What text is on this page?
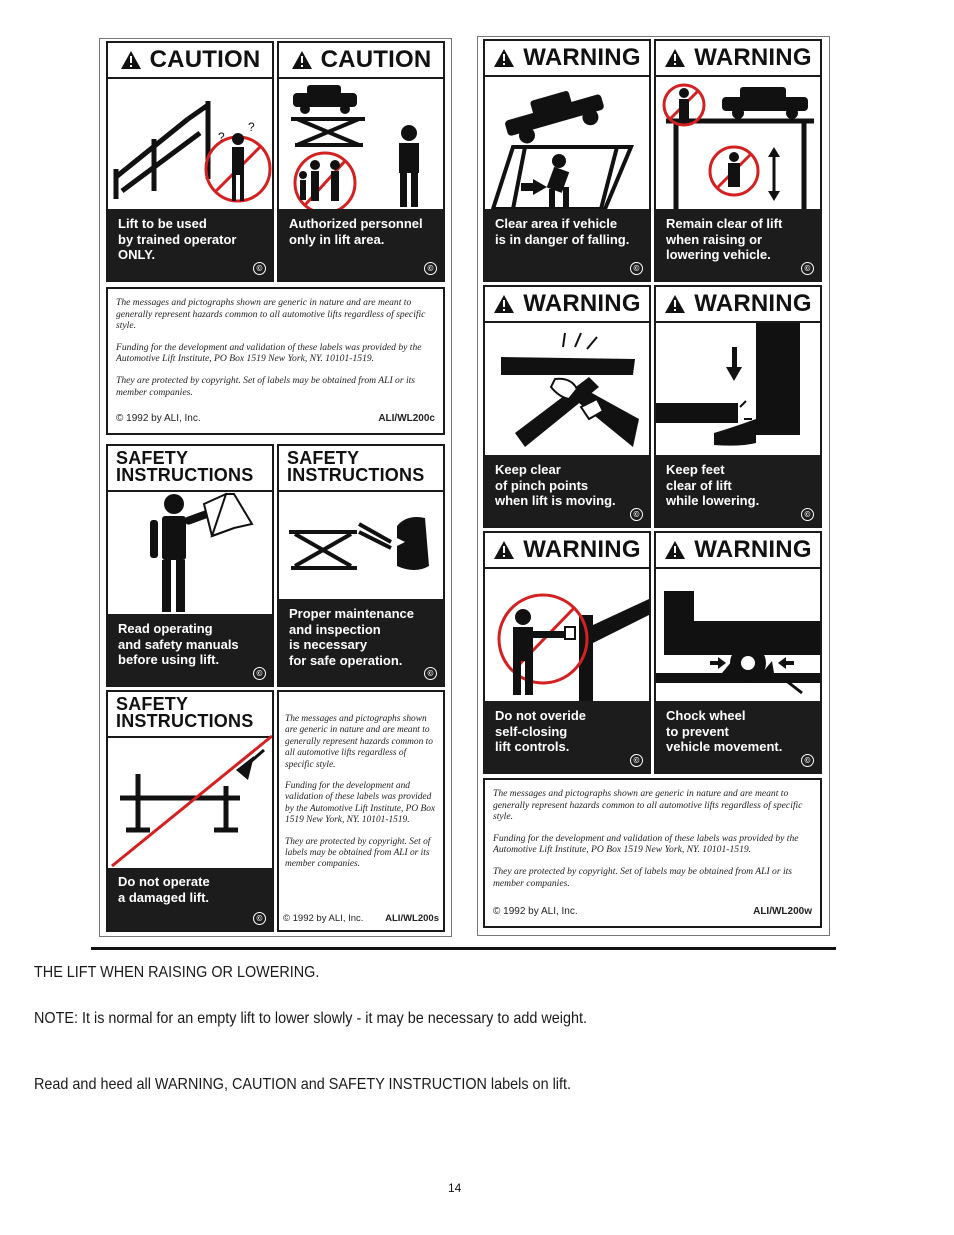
CAUTION
?
?
Lift to be used
by trained operator
ONLY.
©
CAUTION
Authorized personnel
only in lift area.
©

The messages and pictographs shown are generic in nature and are meant to generally represent hazards common to all automotive lifts regardless of specific style.

Funding for the development and validation of these labels was provided by the Automotive Lift Institute, PO Box 1519 New York, NY. 10101-1519.

They are protected by copyright. Set of labels may be obtained from ALI or its member companies.

© 1992 by ALI, Inc.	ALI/WL200c
SAFETY
INSTRUCTIONS
Read operating
and safety manuals
before using lift.
©
SAFETY
INSTRUCTIONS
Proper maintenance
and inspection
is necessary
for safe operation.
©
SAFETY
INSTRUCTIONS
Do not operate
a damaged lift.
©

The messages and pictographs shown are generic in nature and are meant to generally represent hazards common to all automotive lifts regardless of specific style.

Funding for the development and validation of these labels was provided by the Automotive Lift Institute, PO Box 1519 New York, NY. 10101-1519.

They are protected by copyright. Set of labels may be obtained from ALI or its member companies.

© 1992 by ALI, Inc. ALI/WL200s
WARNING
Clear area if vehicle
is in danger of falling.
©
WARNING
Remain clear of lift
when raising or
lowering vehicle.
©
WARNING
Keep clear
of pinch points
when lift is moving.
©
WARNING
Keep feet
clear of lift
while lowering.
©
WARNING
Do not overide
self-closing
lift controls.
©
WARNING
Chock wheel
to prevent
vehicle movement.
©

The messages and pictographs shown are generic in nature and are meant to generally represent hazards common to all automotive lifts regardless of specific style.

Funding for the development and validation of these labels was provided by the Automotive Lift Institute, PO Box 1519 New York, NY. 10101-1519.

They are protected by copyright. Set of labels may be obtained from ALI or its member companies.

© 1992 by ALI, Inc.	ALI/WL200w
THE LIFT WHEN RAISING OR LOWERING.
NOTE: It is normal for an empty lift to lower slowly - it may be necessary to add weight.
Read and heed all WARNING, CAUTION and SAFETY INSTRUCTION labels on lift.
14
